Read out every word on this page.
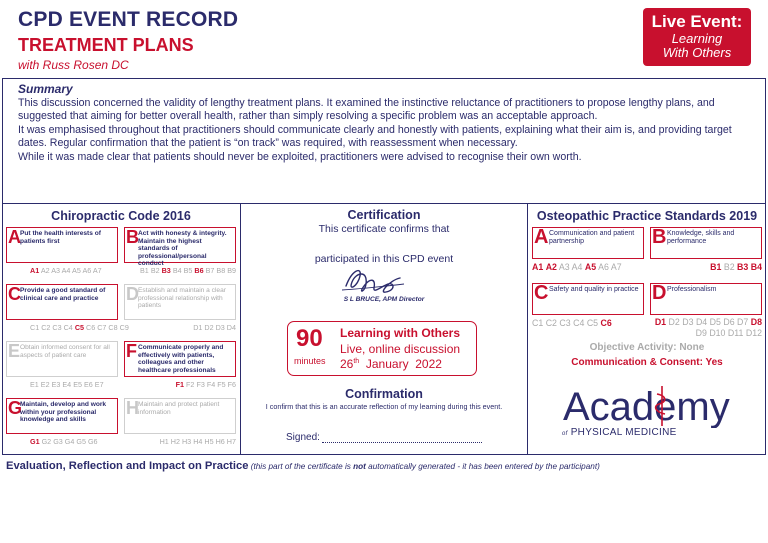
CPD EVENT RECORD
TREATMENT PLANS
with Russ Rosen DC
Live Event:
Learning
With Others
Summary

This discussion concerned the validity of lengthy treatment plans. It examined the instinctive reluctance of practitioners to propose lengthy plans, and suggested that aiming for better overall health, rather than simply resolving a specific problem was an acceptable approach.

It was emphasised throughout that practitioners should communicate clearly and honestly with patients, explaining what their aim is, and providing target dates. Regular confirmation that the patient is “on track” was required, with reassessment when necessary.

While it was made clear that patients should never be exploited, practitioners were advised to recognise their own worth.

Chiropractic Code 2016
A Put the health interests of patients first
A1 A2 A3 A4 A5 A6 A7
B Act with honesty & integrity. Maintain the highest standards of professional/personal conduct
B1 B2 B3 B4 B5 B6 B7 B8 B9
C Provide a good standard of clinical care and practice
C1 C2 C3 C4 C5 C6 C7 C8 C9
D Establish and maintain a clear professional relationship with patients
D1 D2 D3 D4
E Obtain informed consent for all aspects of patient care
E1 E2 E3 E4 E5 E6 E7
F Communicate properly and effectively with patients, colleagues and other healthcare professionals
F1 F2 F3 F4 F5 F6
G
Maintain, develop and work within your professional knowledge and skills
G1 G2 G3 G4 G5 G6
H Maintain and protect patient information
H1 H2 H3 H4 H5 H6 H7
Certification
This certificate confirms that
participated in this CPD event
S L BRUCE, APM Director
90
minutes
Learning with Others
Live, online discussion
26th  January  2022
Confirmation
I confirm that this is an accurate reflection of my learning during this event.
Signed:
Osteopathic Practice Standards 2019
A Communication and patient partnership
A1 A2 A3 A4 A5 A6 A7
B Knowledge, skills and performance
B1 B2 B3 B4
C Safety and quality in practice
C1 C2 C3 C4 C5 C6
D Professionalism
D1 D2 D3 D4 D5 D6 D7 D8 D9 D10 D11 D12
Objective Activity: None
Communication & Consent: Yes
Academy
of PHYSICAL MEDICINE
Evaluation, Reflection and Impact on Practice (this part of the certificate is not automatically generated - it has been entered by the participant)
